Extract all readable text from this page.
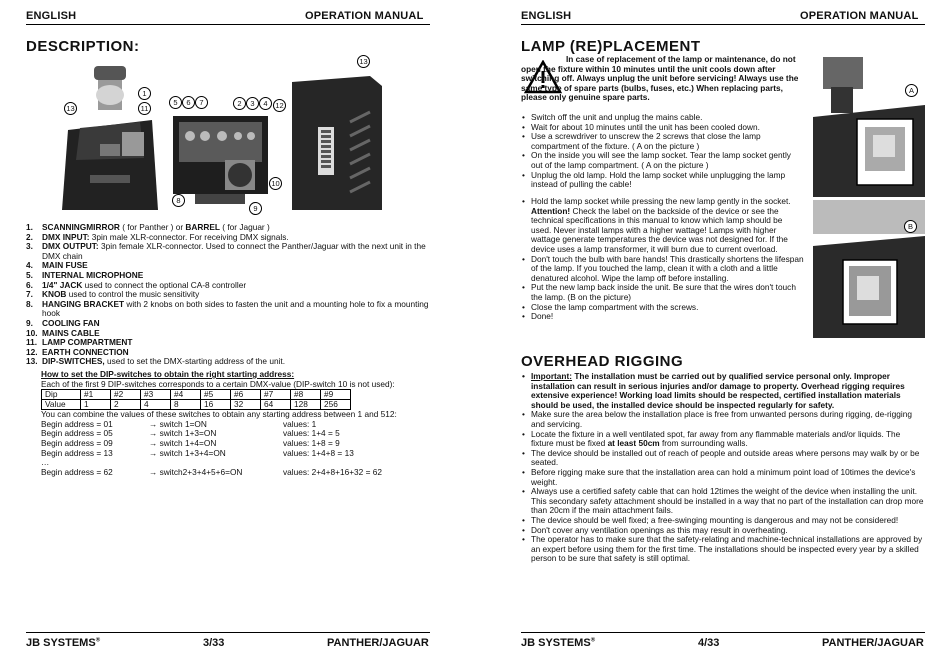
ENGLISH	OPERATION MANUAL
DESCRIPTION:
1
11
13
5	6	7	2	3	4	12
8
9
10
13
1. SCANNINGMIRROR ( for Panther ) or BARREL ( for Jaguar )
2. DMX INPUT: 3pin male XLR-connector. For receiving DMX signals.
3. DMX OUTPUT: 3pin female XLR-connector. Used to connect the Panther/Jaguar with the next unit in the DMX chain
4. MAIN FUSE
5. INTERNAL MICROPHONE
6. 1/4" JACK used to connect the optional CA-8 controller
7. KNOB used to control the music sensitivity
8. HANGING BRACKET with 2 knobs on both sides to fasten the unit and a mounting hole to fix a mounting hook
9. COOLING FAN
10. MAINS CABLE
11. LAMP COMPARTMENT
12. EARTH CONNECTION
13. DIP-SWITCHES, used to set the DMX-starting address of the unit.
How to set the DIP-switches to obtain the right starting address:
Each of the first 9 DIP-switches corresponds to a certain DMX-value (DIP-switch 10 is not used):
Dip	#1	#2	#3	#4	#5	#6	#7	#8	#9
Value	1	2	4	8	16	32	64	128	256
You can combine the values of these switches to obtain any starting address between 1 and 512:
Begin address = 01	→ switch 1=ON	values: 1
Begin address = 05	→ switch 1+3=ON	values: 1+4 = 5
Begin address = 09	→ switch 1+4=ON	values: 1+8 = 9
Begin address = 13	→ switch 1+3+4=ON	values: 1+4+8 = 13
…
Begin address = 62	→ switch2+3+4+5+6=ON	values: 2+4+8+16+32 = 62
JB SYSTEMS®	3/33	PANTHER/JAGUAR
ENGLISH	OPERATION MANUAL
LAMP (RE)PLACEMENT
In case of replacement of the lamp or maintenance, do not open the fixture within 10 minutes until the unit cools down after switching off. Always unplug the unit before servicing! Always use the same type of spare parts (bulbs, fuses, etc.) When replacing parts, please only genuine spare parts.
• Switch off the unit and unplug the mains cable.
• Wait for about 10 minutes until the unit has been cooled down.
• Use a screwdriver to unscrew the 2 screws that close the lamp compartment of the fixture. ( A on the picture )
• On the inside you will see the lamp socket. Tear the lamp socket gently out of the lamp compartment. ( A on the picture )
• Unplug the old lamp. Hold the lamp socket while unplugging the lamp instead of pulling the cable!
• Hold the lamp socket while pressing the new lamp gently in the socket.
Attention! Check the label on the backside of the device or see the technical specifications in this manual to know which lamp should be used. Never install lamps with a higher wattage! Lamps with higher wattage generate temperatures the device was not designed for. If the device uses a lamp transformer, it will burn due to current overload.
• Don't touch the bulb with bare hands! This drastically shortens the lifespan of the lamp. If you touched the lamp, clean it with a cloth and a little denatured alcohol. Wipe the lamp off before installing.
• Put the new lamp back inside the unit. Be sure that the wires don't touch the lamp. (B on the picture)
• Close the lamp compartment with the screws.
• Done!
A
B
OVERHEAD RIGGING
• Important: The installation must be carried out by qualified service personal only. Improper installation can result in serious injuries and/or damage to property. Overhead rigging requires extensive experience! Working load limits should be respected, certified installation materials should be used, the installed device should be inspected regularly for safety.
• Make sure the area below the installation place is free from unwanted persons during rigging, de-rigging and servicing.
• Locate the fixture in a well ventilated spot, far away from any flammable materials and/or liquids. The fixture must be fixed at least 50cm from surrounding walls.
• The device should be installed out of reach of people and outside areas where persons may walk by or be seated.
• Before rigging make sure that the installation area can hold a minimum point load of 10times the device's weight.
• Always use a certified safety cable that can hold 12times the weight of the device when installing the unit. This secondary safety attachment should be installed in a way that no part of the installation can drop more than 20cm if the main attachment fails.
• The device should be well fixed; a free-swinging mounting is dangerous and may not be considered!
• Don't cover any ventilation openings as this may result in overheating.
• The operator has to make sure that the safety-relating and machine-technical installations are approved by an expert before using them for the first time. The installations should be inspected every year by a skilled person to be sure that safety is still optimal.
JB SYSTEMS®	4/33	PANTHER/JAGUAR
